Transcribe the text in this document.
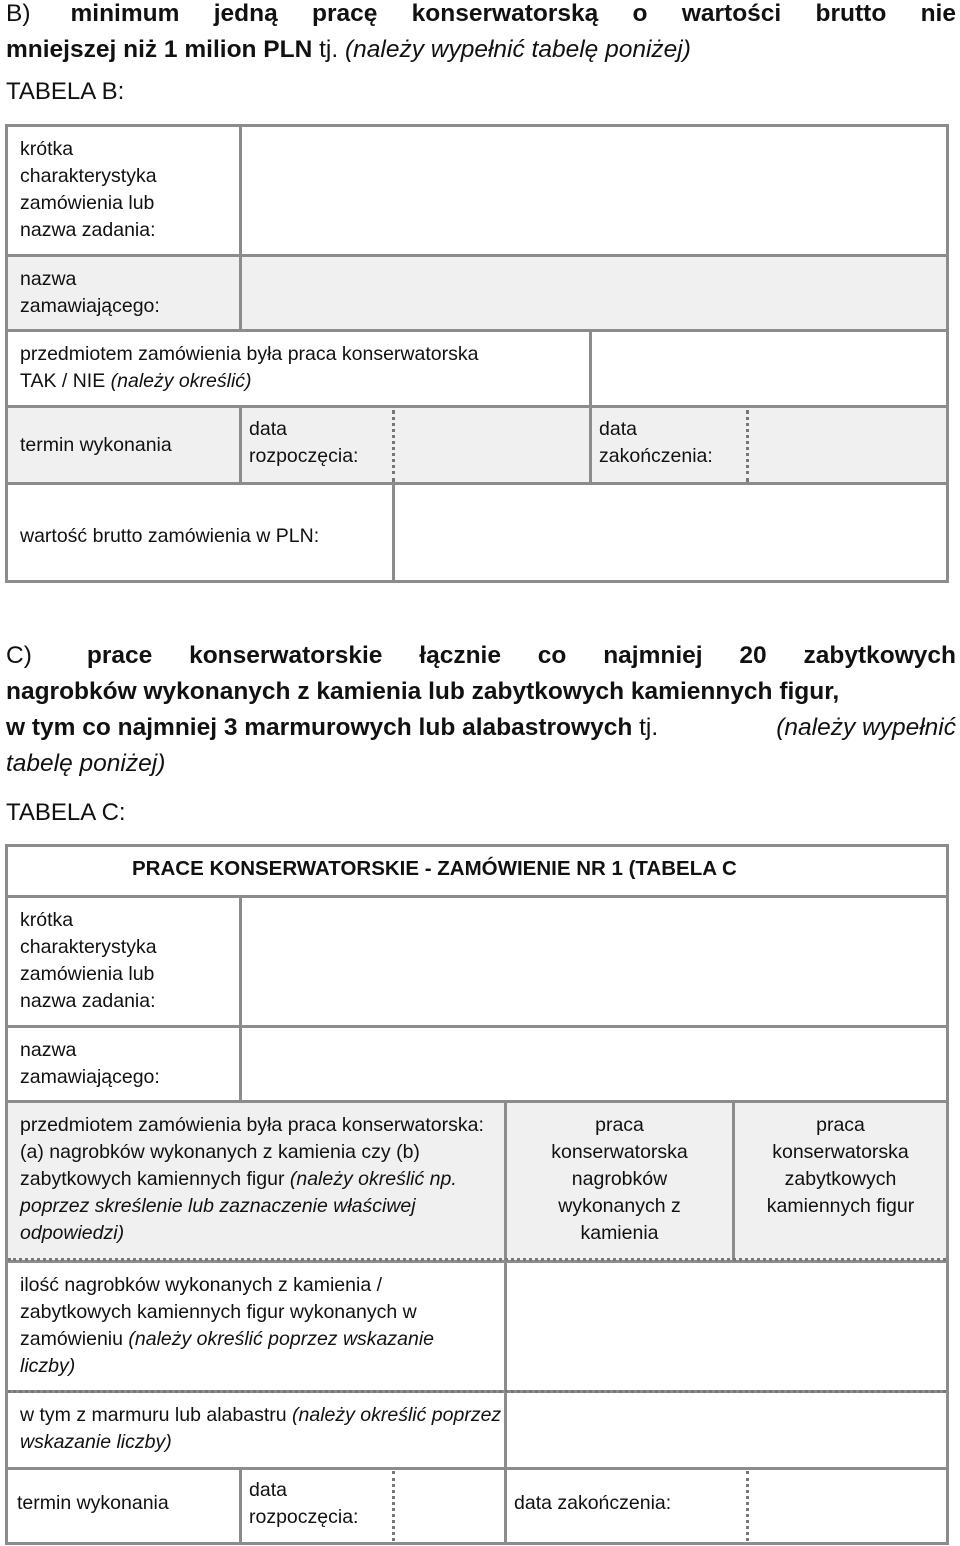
B) minimum jedną pracę konserwatorską o wartości brutto nie
mniejszej niż 1 milion PLN tj. (należy wypełnić tabelę poniżej)
TABELA B:
krótka charakterystyka zamówienia lub nazwa zadania:
nazwa zamawiającego:
przedmiotem zamówienia była praca konserwatorska
TAK / NIE (należy określić)
termin wykonania
data rozpoczęcia:
data zakończenia:
wartość brutto zamówienia w PLN:
C) prace konserwatorskie łącznie co najmniej 20 zabytkowych
nagrobków wykonanych z kamienia lub zabytkowych kamiennych figur,
w tym co najmniej 3 marmurowych lub alabastrowych tj.	(należy wypełnić
tabelę poniżej)
TABELA C:
PRACE KONSERWATORSKIE - ZAMÓWIENIE NR 1 (TABELA C
krótka charakterystyka zamówienia lub nazwa zadania:
nazwa zamawiającego:
przedmiotem zamówienia była praca konserwatorska: (a) nagrobków wykonanych z kamienia czy (b) zabytkowych kamiennych figur (należy określić np. poprzez skreślenie lub zaznaczenie właściwej odpowiedzi)
praca konserwatorska nagrobków wykonanych z kamienia
praca konserwatorska zabytkowych kamiennych figur
ilość nagrobków wykonanych z kamienia / zabytkowych kamiennych figur wykonanych w zamówieniu (należy określić poprzez wskazanie liczby)
w tym z marmuru lub alabastru (należy określić poprzez wskazanie liczby)
termin wykonania
data rozpoczęcia:
data zakończenia:
